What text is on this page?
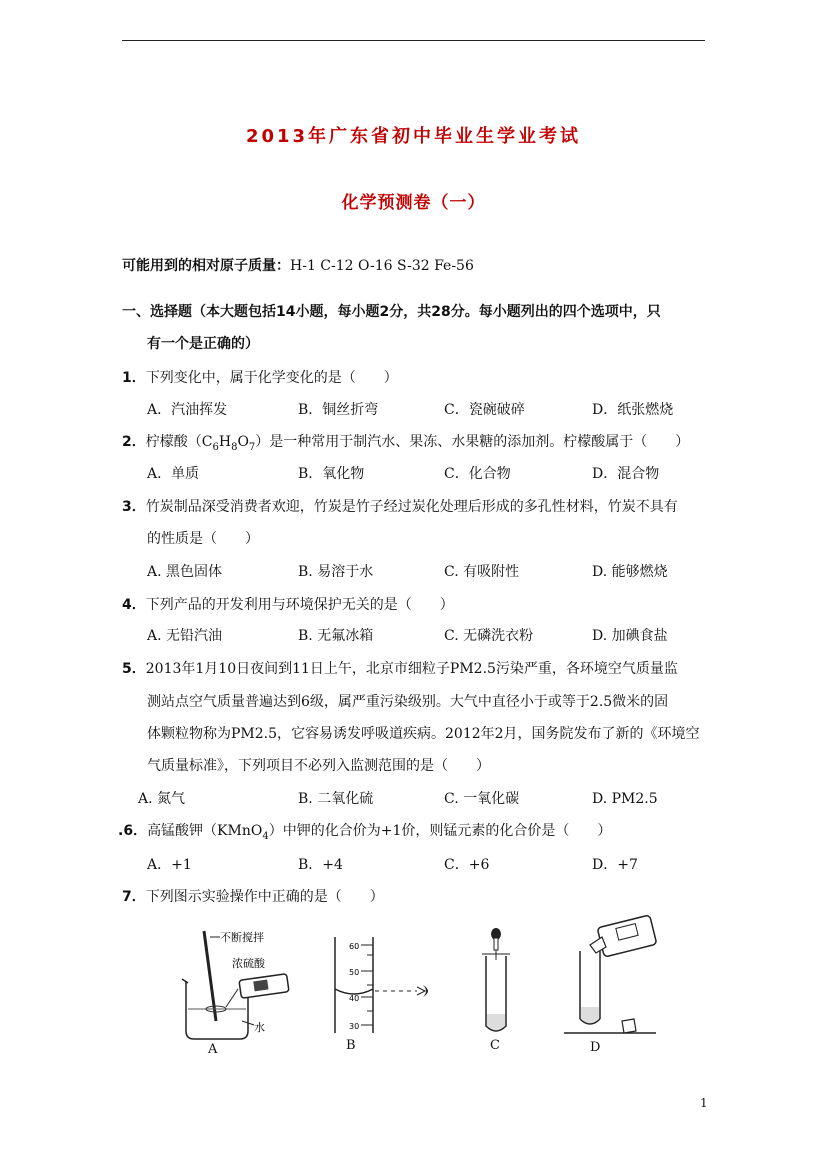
2013年广东省初中毕业生学业考试
化学预测卷（一）
可能用到的相对原子质量：H-1 C-12 O-16 S-32 Fe-56
一、选择题（本大题包括14小题，每小题2分，共28分。每小题列出的四个选项中，只
有一个是正确的）
1．下列变化中，属于化学变化的是（　　）
A．汽油挥发	B．铜丝折弯	C．瓷碗破碎	D．纸张燃烧
2．柠檬酸$(C_6H_8O_7)$是一种常用于制汽水、果冻、水果糖的添加剂。柠檬酸属于（　　）
A．单质	B．氧化物	C．化合物	D．混合物
3．竹炭制品深受消费者欢迎，竹炭是竹子经过炭化处理后形成的多孔性材料，竹炭不具有
的性质是（　　）
A. 黑色固体	B. 易溶于水	C. 有吸附性	D. 能够燃烧
4．下列产品的开发利用与环境保护无关的是（　　）
A. 无铅汽油	B. 无氟冰箱	C. 无磷洗衣粉	D. 加碘食盐
5．2013年1月10日夜间到11日上午，北京市细粒子PM2.5污染严重，各环境空气质量监
测站点空气质量普遍达到6级，属严重污染级别。大气中直径小于或等于2.5微米的固
体颗粒物称为PM2.5，它容易诱发呼吸道疾病。2012年2月，国务院发布了新的《环境空
气质量标准》，下列项目不必列入监测范围的是（　　）
A. 氮气	B. 二氧化硫	C. 一氧化碳	D. PM2.5
.6．高锰酸钾（KMnO$_4$）中钾的化合价为+1价，则锰元素的化合价是（　　）
A．+1	B．+4	C．+6	D．+7
7．下列图示实验操作中正确的是（　　）
不断搅拌
浓硫酸
水
A
60
50
40
30
B	C	D
1
